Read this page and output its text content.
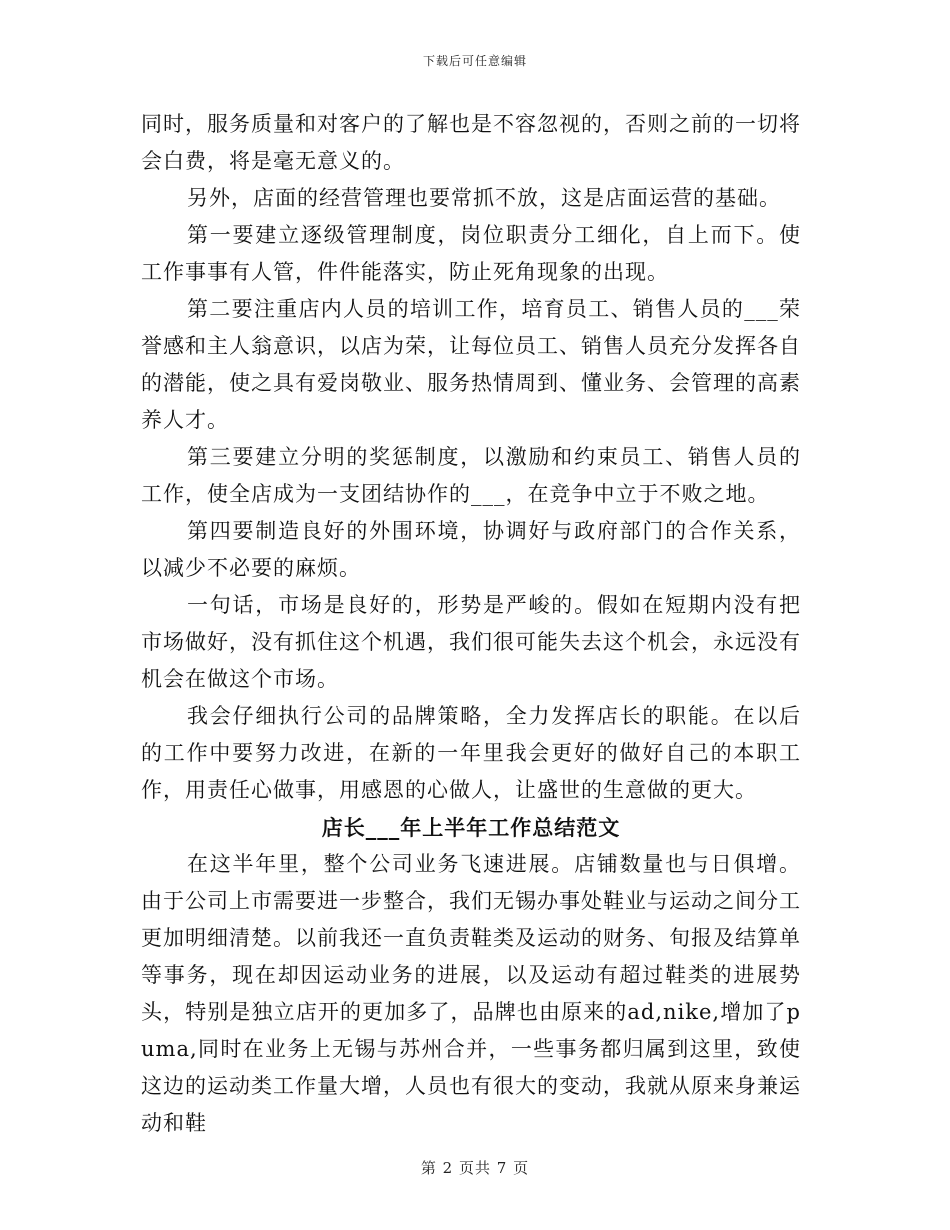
下载后可任意编辑

同时，服务质量和对客户的了解也是不容忽视的，否则之前的一切将会白费，将是毫无意义的。

另外，店面的经营管理也要常抓不放，这是店面运营的基础。

第一要建立逐级管理制度，岗位职责分工细化，自上而下。使工作事事有人管，件件能落实，防止死角现象的出现。

第二要注重店内人员的培训工作，培育员工、销售人员的___荣誉感和主人翁意识，以店为荣，让每位员工、销售人员充分发挥各自的潜能，使之具有爱岗敬业、服务热情周到、懂业务、会管理的高素养人才。

第三要建立分明的奖惩制度，以激励和约束员工、销售人员的工作，使全店成为一支团结协作的___，在竞争中立于不败之地。

第四要制造良好的外围环境，协调好与政府部门的合作关系，以减少不必要的麻烦。

一句话，市场是良好的，形势是严峻的。假如在短期内没有把市场做好，没有抓住这个机遇，我们很可能失去这个机会，永远没有机会在做这个市场。

我会仔细执行公司的品牌策略，全力发挥店长的职能。在以后的工作中要努力改进，在新的一年里我会更好的做好自己的本职工作，用责任心做事，用感恩的心做人，让盛世的生意做的更大。

店长___年上半年工作总结范文

在这半年里，整个公司业务飞速进展。店铺数量也与日俱增。由于公司上市需要进一步整合，我们无锡办事处鞋业与运动之间分工更加明细清楚。以前我还一直负责鞋类及运动的财务、旬报及结算单等事务，现在却因运动业务的进展，以及运动有超过鞋类的进展势头，特别是独立店开的更加多了，品牌也由原来的ad,nike,增加了puma,同时在业务上无锡与苏州合并，一些事务都归属到这里，致使这边的运动类工作量大增，人员也有很大的变动，我就从原来身兼运动和鞋

第 2 页共 7 页
